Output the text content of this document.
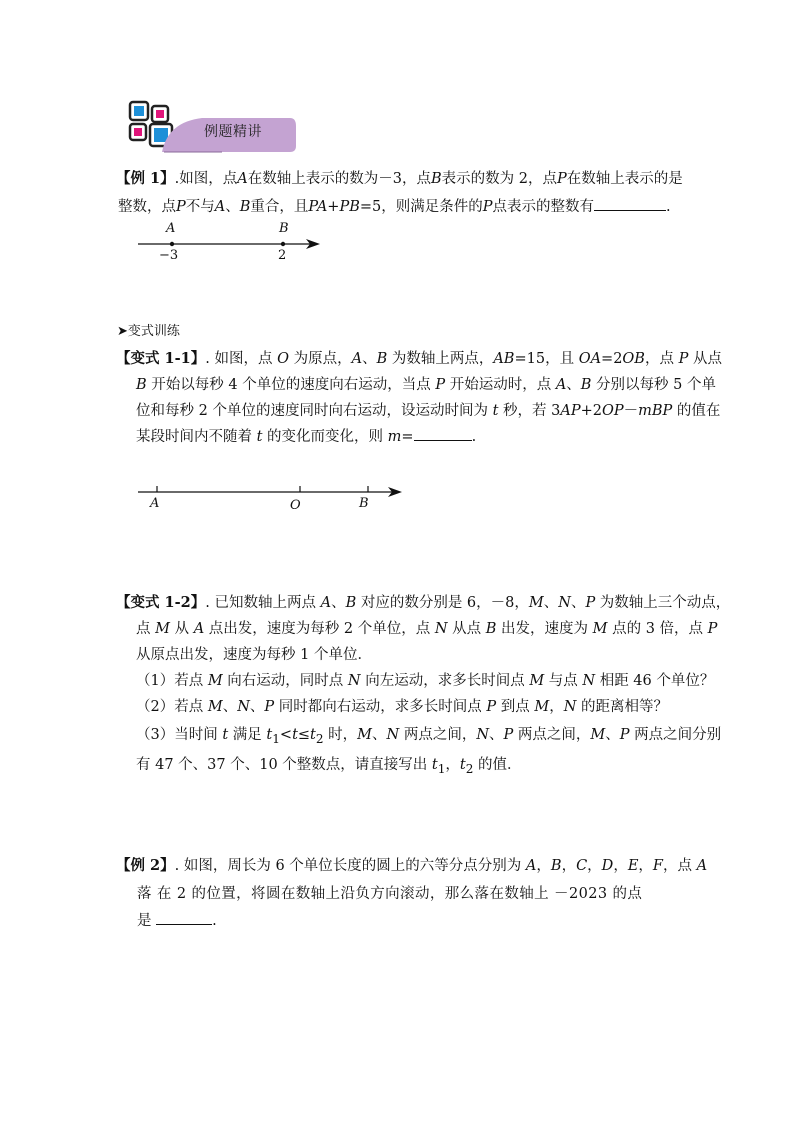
例题精讲
【例 1】.如图，点A在数轴上表示的数为－3，点B表示的数为 2，点P在数轴上表示的是
整数，点P不与A、B重合，且PA+PB=5，则满足条件的P点表示的整数有	.
A	B
−3	2
➤变式训练
【变式 1-1】. 如图，点 O 为原点，A、B 为数轴上两点，AB=15，且 OA=2OB，点 P 从点
B 开始以每秒 4 个单位的速度向右运动，当点 P 开始运动时，点 A、B 分别以每秒 5 个单
位和每秒 2 个单位的速度同时向右运动，设运动时间为 t 秒，若 3AP+2OP－mBP 的值在
某段时间内不随着 t 的变化而变化，则 m=	.
A	O	B
【变式 1-2】. 已知数轴上两点 A、B 对应的数分别是 6，－8，M、N、P 为数轴上三个动点，
点 M 从 A 点出发，速度为每秒 2 个单位，点 N 从点 B 出发，速度为 M 点的 3 倍，点 P
从原点出发，速度为每秒 1 个单位．
（1）若点 M 向右运动，同时点 N 向左运动，求多长时间点 M 与点 N 相距 46 个单位？
（2）若点 M、N、P 同时都向右运动，求多长时间点 P 到点 M，N 的距离相等？
（3）当时间 t 满足 $t_1<t\le t_2$ 时，M、N 两点之间，N、P 两点之间，M、P 两点之间分别
有 47 个、37 个、10 个整数点，请直接写出 $t_1$，$t_2$ 的值．
【例 2】. 如图，周长为 6 个单位长度的圆上的六等分点分别为 A，B，C，D，E，F，点 A
落 在 2 的位置，将圆在数轴上沿负方向滚动，那么落在数轴上 －2023 的点
是	.
